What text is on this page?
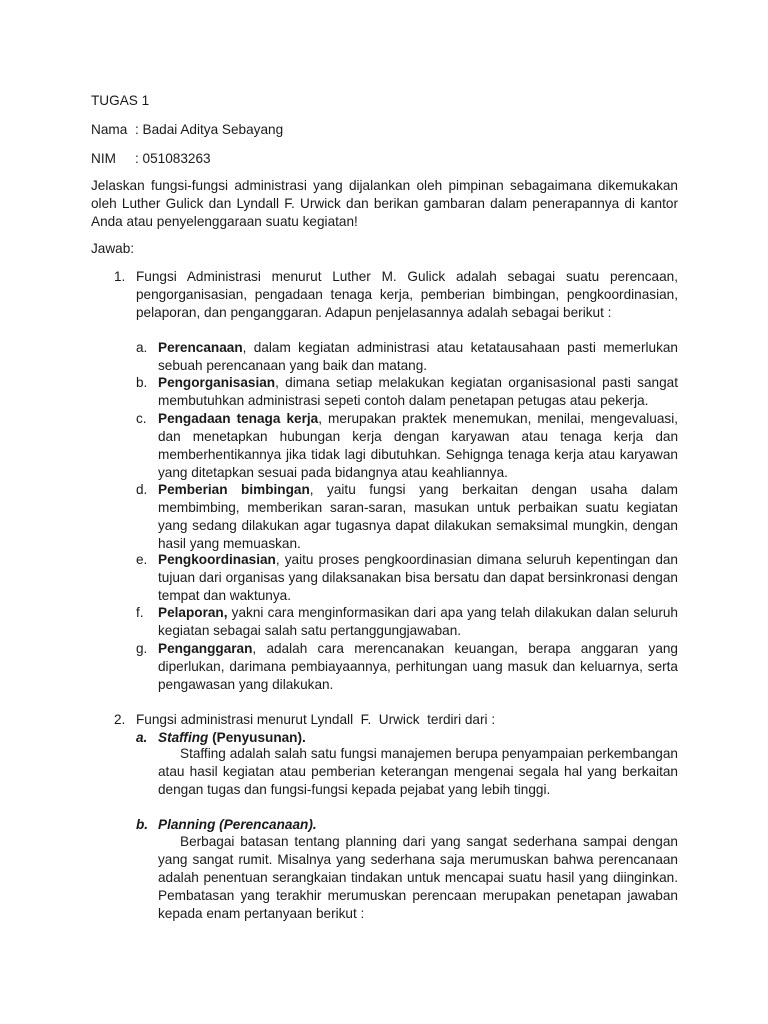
TUGAS 1
Nama : Badai Aditya Sebayang
NIM : 051083263
Jelaskan fungsi-fungsi administrasi yang dijalankan oleh pimpinan sebagaimana dikemukakan oleh Luther Gulick dan Lyndall F. Urwick dan berikan gambaran dalam penerapannya di kantor Anda atau penyelenggaraan suatu kegiatan!
Jawab:
1. Fungsi Administrasi menurut Luther M. Gulick adalah sebagai suatu perencaan, pengorganisasian, pengadaan tenaga kerja, pemberian bimbingan, pengkoordinasian, pelaporan, dan penganggaran. Adapun penjelasannya adalah sebagai berikut :
a. Perencanaan, dalam kegiatan administrasi atau ketatausahaan pasti memerlukan sebuah perencanaan yang baik dan matang.
b. Pengorganisasian, dimana setiap melakukan kegiatan organisasional pasti sangat membutuhkan administrasi sepeti contoh dalam penetapan petugas atau pekerja.
c. Pengadaan tenaga kerja, merupakan praktek menemukan, menilai, mengevaluasi, dan menetapkan hubungan kerja dengan karyawan atau tenaga kerja dan memberhentikannya jika tidak lagi dibutuhkan. Sehignga tenaga kerja atau karyawan yang ditetapkan sesuai pada bidangnya atau keahliannya.
d. Pemberian bimbingan, yaitu fungsi yang berkaitan dengan usaha dalam membimbing, memberikan saran-saran, masukan untuk perbaikan suatu kegiatan yang sedang dilakukan agar tugasnya dapat dilakukan semaksimal mungkin, dengan hasil yang memuaskan.
e. Pengkoordinasian, yaitu proses pengkoordinasian dimana seluruh kepentingan dan tujuan dari organisas yang dilaksanakan bisa bersatu dan dapat bersinkronasi dengan tempat dan waktunya.
f. Pelaporan, yakni cara menginformasikan dari apa yang telah dilakukan dalan seluruh kegiatan sebagai salah satu pertanggungjawaban.
g. Penganggaran, adalah cara merencanakan keuangan, berapa anggaran yang diperlukan, darimana pembiayaannya, perhitungan uang masuk dan keluarnya, serta pengawasan yang dilakukan.
2. Fungsi administrasi menurut Lyndall  F.  Urwick  terdiri dari :
a. Staffing (Penyusunan).
Staffing adalah salah satu fungsi manajemen berupa penyampaian perkembangan atau hasil kegiatan atau pemberian keterangan mengenai segala hal yang berkaitan dengan tugas dan fungsi-fungsi kepada pejabat yang lebih tinggi.
b. Planning (Perencanaan).
Berbagai batasan tentang planning dari yang sangat sederhana sampai dengan yang sangat rumit. Misalnya yang sederhana saja merumuskan bahwa perencanaan adalah penentuan serangkaian tindakan untuk mencapai suatu hasil yang diinginkan. Pembatasan yang terakhir merumuskan perencaan merupakan penetapan jawaban kepada enam pertanyaan berikut :
